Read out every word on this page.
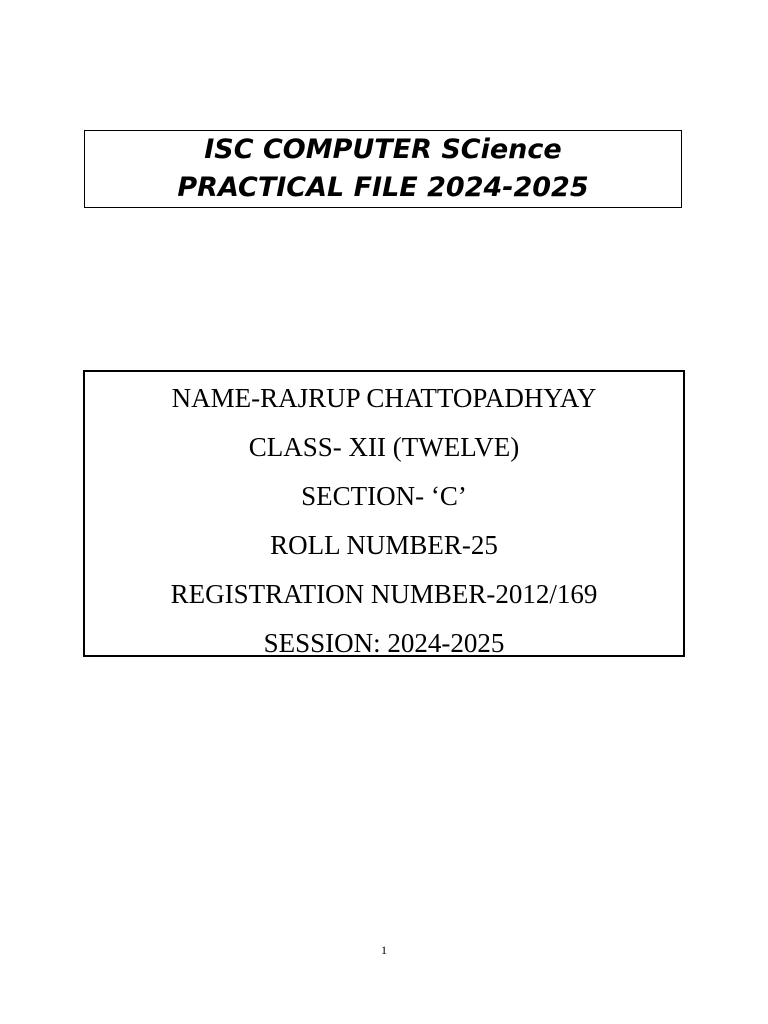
ISC COMPUTER SCience
PRACTICAL FILE 2024-2025
NAME-RAJRUP CHATTOPADHYAY
CLASS- XII (TWELVE)
SECTION- ‘C’
ROLL NUMBER-25
REGISTRATION NUMBER-2012/169
SESSION: 2024-2025
1
